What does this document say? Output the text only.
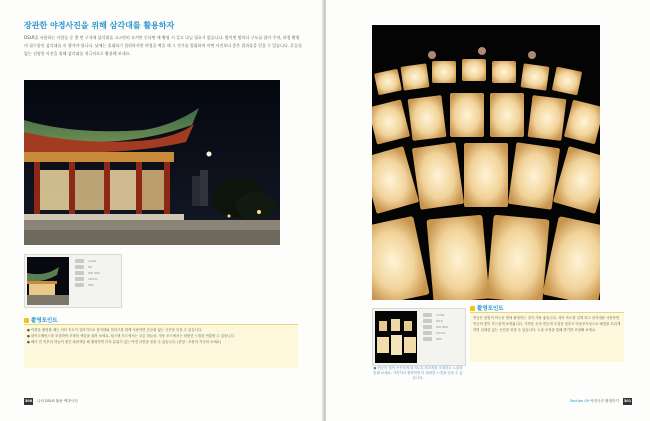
장관한 야경사진을 위해 삼각대를 활용하자

DSLR을 사용하는 사람들 중 몇 번 구석에 삼각대를 고스란히 모셔만 둔다면 매 촬영 시 갖고 다닐 필요가 없습니다. 밤이면 밤마다 구도를 잡아 주며, 야경 촬영의 필수품인 삼각대를 꼭 챙겨야 합니다. 낮에는 휴대하기 불편하지만 야경을 찍을 때 그 진가를 발휘하며 어떤 사진보다 좋은 결과물을 얻을 수 있습니다. 흔들림 없는 선명한 사진을 위해 삼각대를 적극적으로 활용해 보세요.

1/20s
f/8
ISO 400
18mm
0EV
촬영포인트

● 야경을 촬영할 때는 셔터 속도가 길어지므로 삼각대와 릴리즈를 함께 사용하면 흔들림 없는 사진을 얻을 수 있습니다.

● 화이트밸런스를 조절하여 조명의 색감을 살려 보세요. 텅스텐 모드에서는 푸른 하늘을, 자동 모드에서는 따뜻한 느낌을 연출할 수 있습니다.

● 해가 진 직후의 하늘이 짙은 파란색일 때 촬영하면 더욱 분위기 있는 야경 사진을 얻을 수 있습니다. (중앙 : 조용히 기다려 보세요)

300 나의 DSLR 활용 백과사전
1/30s
f/5.6
ISO 800
24mm
0EV
● 연등의 빛이 은은하게 퍼지도록 조리개를 조절하고 노출을 맞춰 보세요. 가까이서 촬영하면 더 화려한 느낌을 얻을 수 있습니다.
촬영포인트

연등은 불빛이 어두운 밤에 촬영하는 것이 가장 좋습니다. 셔터 속도를 길게 하고 삼각대를 사용하면 연등의 빛이 부드럽게 표현됩니다. 가까운 곳의 연등에 초점을 맞추고 아웃포커싱으로 배경을 흐리게 하면 입체감 있는 사진을 얻을 수 있습니다. 노출 보정을 통해 밝기를 조절해 보세요.

Section 09 야경사진 촬영하기 301
